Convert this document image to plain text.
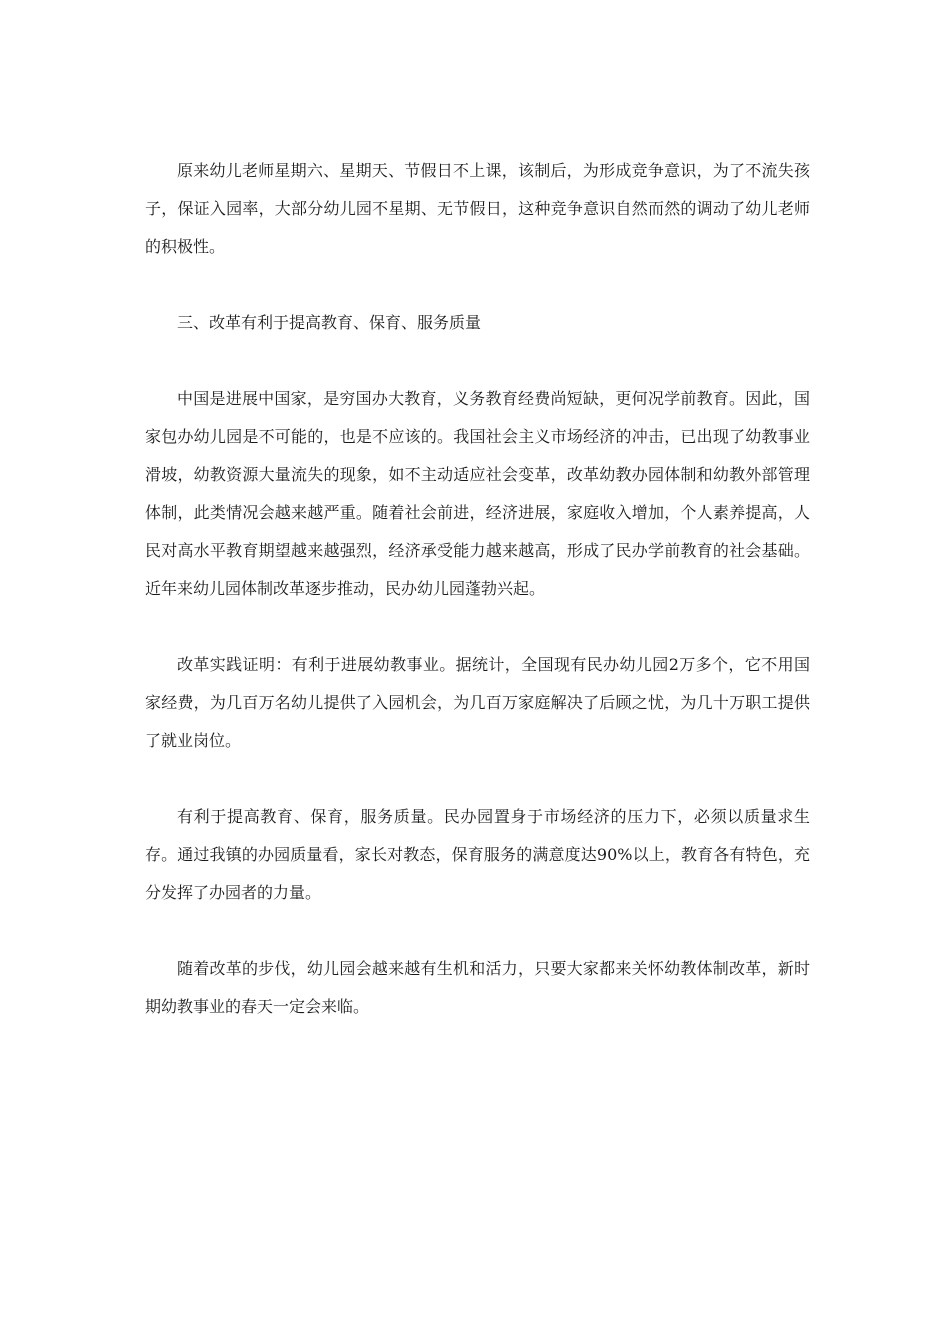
原来幼儿老师星期六、星期天、节假日不上课，该制后，为形成竞争意识，为了不流失孩子，保证入园率，大部分幼儿园不星期、无节假日，这种竞争意识自然而然的调动了幼儿老师的积极性。

三、改革有利于提高教育、保育、服务质量

中国是进展中国家，是穷国办大教育，义务教育经费尚短缺，更何况学前教育。因此，国家包办幼儿园是不可能的，也是不应该的。我国社会主义市场经济的冲击，已出现了幼教事业滑坡，幼教资源大量流失的现象，如不主动适应社会变革，改革幼教办园体制和幼教外部管理体制，此类情况会越来越严重。随着社会前进，经济进展，家庭收入增加，个人素养提高，人民对高水平教育期望越来越强烈，经济承受能力越来越高，形成了民办学前教育的社会基础。近年来幼儿园体制改革逐步推动，民办幼儿园蓬勃兴起。

改革实践证明：有利于进展幼教事业。据统计，全国现有民办幼儿园2万多个，它不用国家经费，为几百万名幼儿提供了入园机会，为几百万家庭解决了后顾之忧，为几十万职工提供了就业岗位。

有利于提高教育、保育，服务质量。民办园置身于市场经济的压力下，必须以质量求生存。通过我镇的办园质量看，家长对教态，保育服务的满意度达90%以上，教育各有特色，充分发挥了办园者的力量。

随着改革的步伐，幼儿园会越来越有生机和活力，只要大家都来关怀幼教体制改革，新时期幼教事业的春天一定会来临。
